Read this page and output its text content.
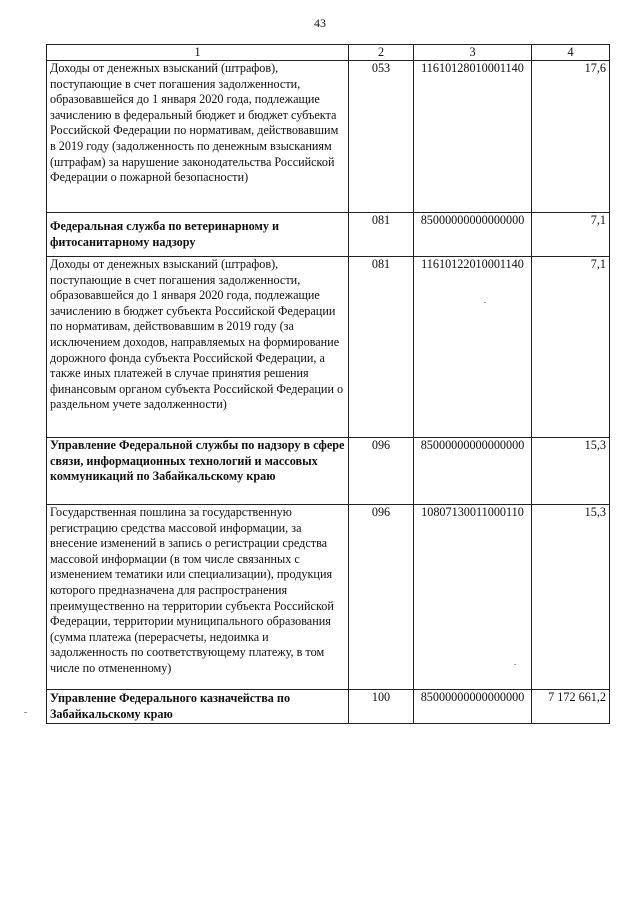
43
1	2	3	4
Доходы от денежных взысканий (штрафов), поступающие в счет погашения задолженности, образовавшейся до 1 января 2020 года, подлежащие зачислению в федеральный бюджет и бюджет субъекта Российской Федерации по нормативам, действовавшим в 2019 году (задолженность по денежным взысканиям (штрафам) за нарушение законодательства Российской Федерации о пожарной безопасности)	053	11610128010001140	17,6
Федеральная служба по ветеринарному и фитосанитарному надзору	081	85000000000000000	7,1
Доходы от денежных взысканий (штрафов), поступающие в счет погашения задолженности, образовавшейся до 1 января 2020 года, подлежащие зачислению в бюджет субъекта Российской Федерации по нормативам, действовавшим в 2019 году (за исключением доходов, направляемых на формирование дорожного фонда субъекта Российской Федерации, а также иных платежей в случае принятия решения финансовым органом субъекта Российской Федерации о раздельном учете задолженности)	081	11610122010001140	7,1
Управление Федеральной службы по надзору в сфере связи, информационных технологий и массовых коммуникаций по Забайкальскому краю	096	85000000000000000	15,3
Государственная пошлина за государственную регистрацию средства массовой информации, за внесение изменений в запись о регистрации средства массовой информации (в том числе связанных с изменением тематики или специализации), продукция которого предназначена для распространения преимущественно на территории субъекта Российской Федерации, территории муниципального образования (сумма платежа (перерасчеты, недоимка и задолженность по соответствующему платежу, в том числе по отмененному)	096	10807130011000110	15,3
Управление Федерального казначейства по Забайкальскому краю	100	85000000000000000	7 172 661,2
